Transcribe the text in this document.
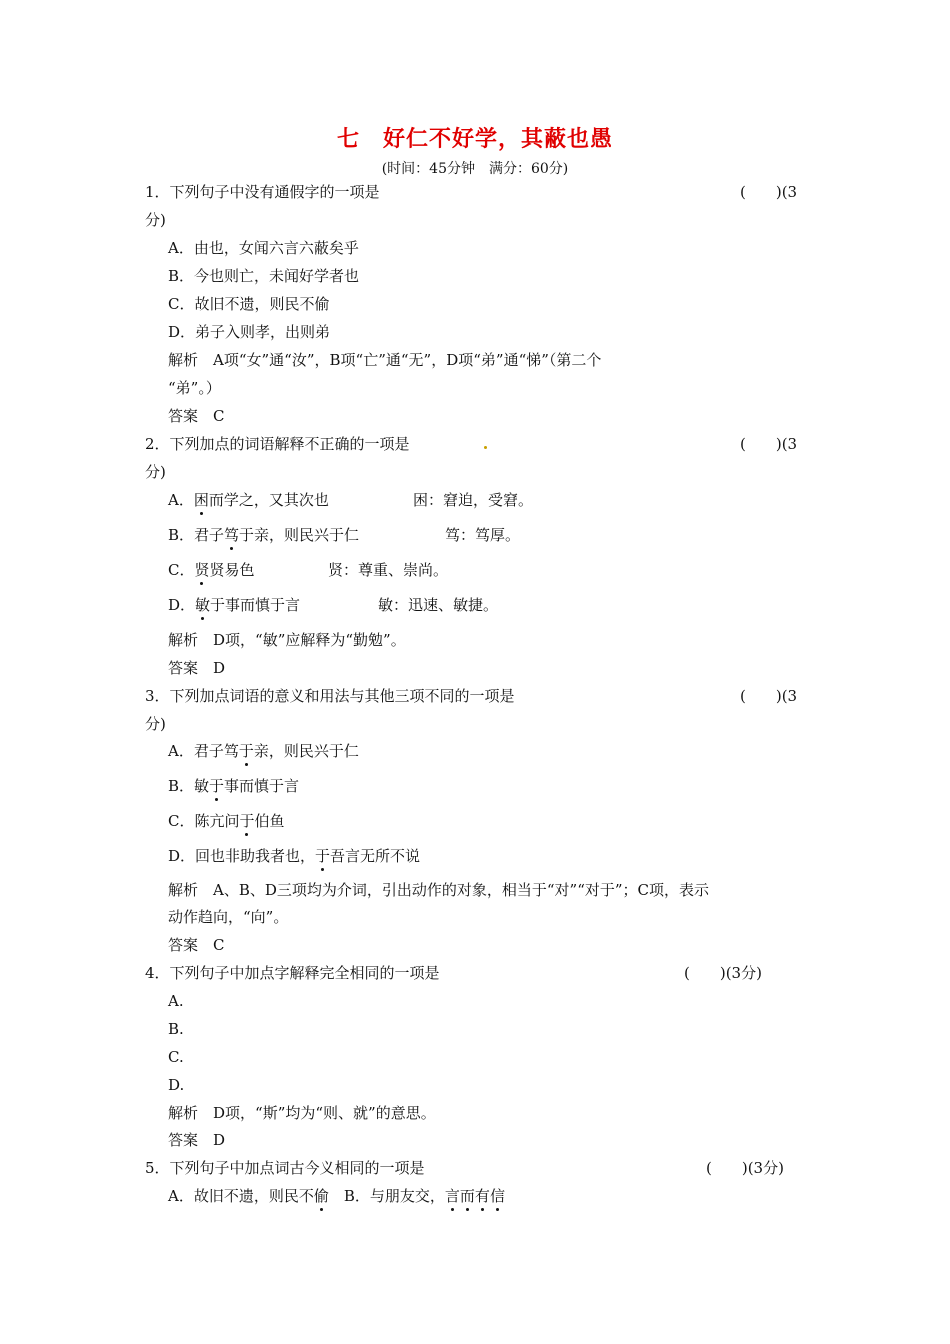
七　好仁不好学，其蔽也愚
(时间：45分钟　满分：60分)
1．下列句子中没有通假字的一项是	(　　)(3
分)
A．由也，女闻六言六蔽矣乎
B．今也则亡，未闻好学者也
C．故旧不遗，则民不偷
D．弟子入则孝，出则弟
解析　A项“女”通“汝”，B项“亡”通“无”，D项“弟”通“悌”（第二个
“弟”。）
答案　C
2．下列加点的词语解释不正确的一项是	(　　)(3
分)
A．困而学之，又其次也	困：窘迫，受窘。
B．君子笃于亲，则民兴于仁	笃：笃厚。
C．贤贤易色	贤：尊重、崇尚。
D．敏于事而慎于言	敏：迅速、敏捷。
解析　D项，“敏”应解释为“勤勉”。
答案　D
3．下列加点词语的意义和用法与其他三项不同的一项是	(　　)(3
分)
A．君子笃于亲，则民兴于仁
B．敏于事而慎于言
C．陈亢问于伯鱼
D．回也非助我者也，于吾言无所不说
解析　A、B、D三项均为介词，引出动作的对象，相当于“对”“对于”；C项，表示
动作趋向，“向”。
答案　C
4．下列句子中加点字解释完全相同的一项是	(　　)(3分)
A.
B.
C.
D.
解析　D项，“斯”均为“则、就”的意思。
答案　D
5．下列句子中加点词古今义相同的一项是	(　　)(3分)
A．故旧不遗，则民不偷　B．与朋友交，言而有信
